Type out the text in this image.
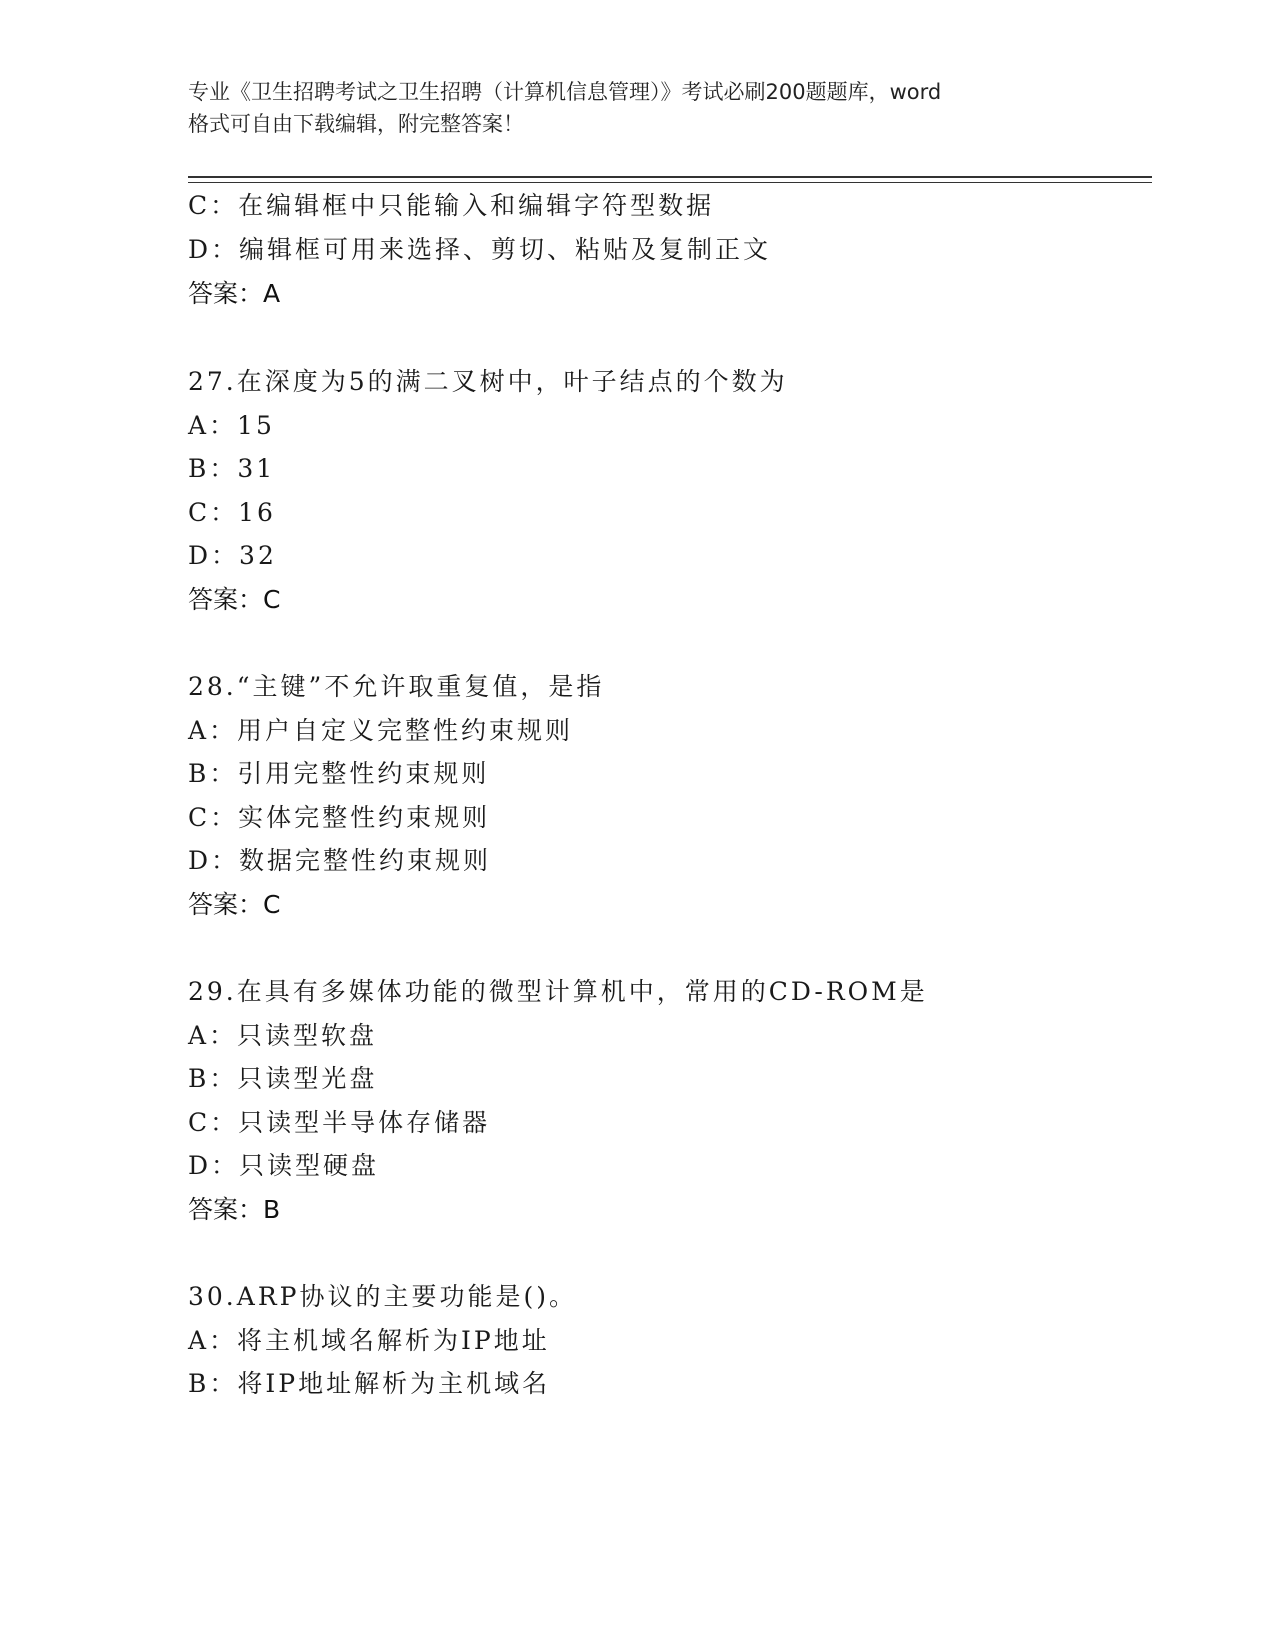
专业《卫生招聘考试之卫生招聘（计算机信息管理）》考试必刷200题题库，word
格式可自由下载编辑，附完整答案！
C：在编辑框中只能输入和编辑字符型数据
D：编辑框可用来选择、剪切、粘贴及复制正文
答案：A
27.在深度为5的满二叉树中，叶子结点的个数为
A：15
B：31
C：16
D：32
答案：C
28.“主键”不允许取重复值，是指
A：用户自定义完整性约束规则
B：引用完整性约束规则
C：实体完整性约束规则
D：数据完整性约束规则
答案：C
29.在具有多媒体功能的微型计算机中，常用的CD-ROM是
A：只读型软盘
B：只读型光盘
C：只读型半导体存储器
D：只读型硬盘
答案：B
30.ARP协议的主要功能是()。
A：将主机域名解析为IP地址
B：将IP地址解析为主机域名
